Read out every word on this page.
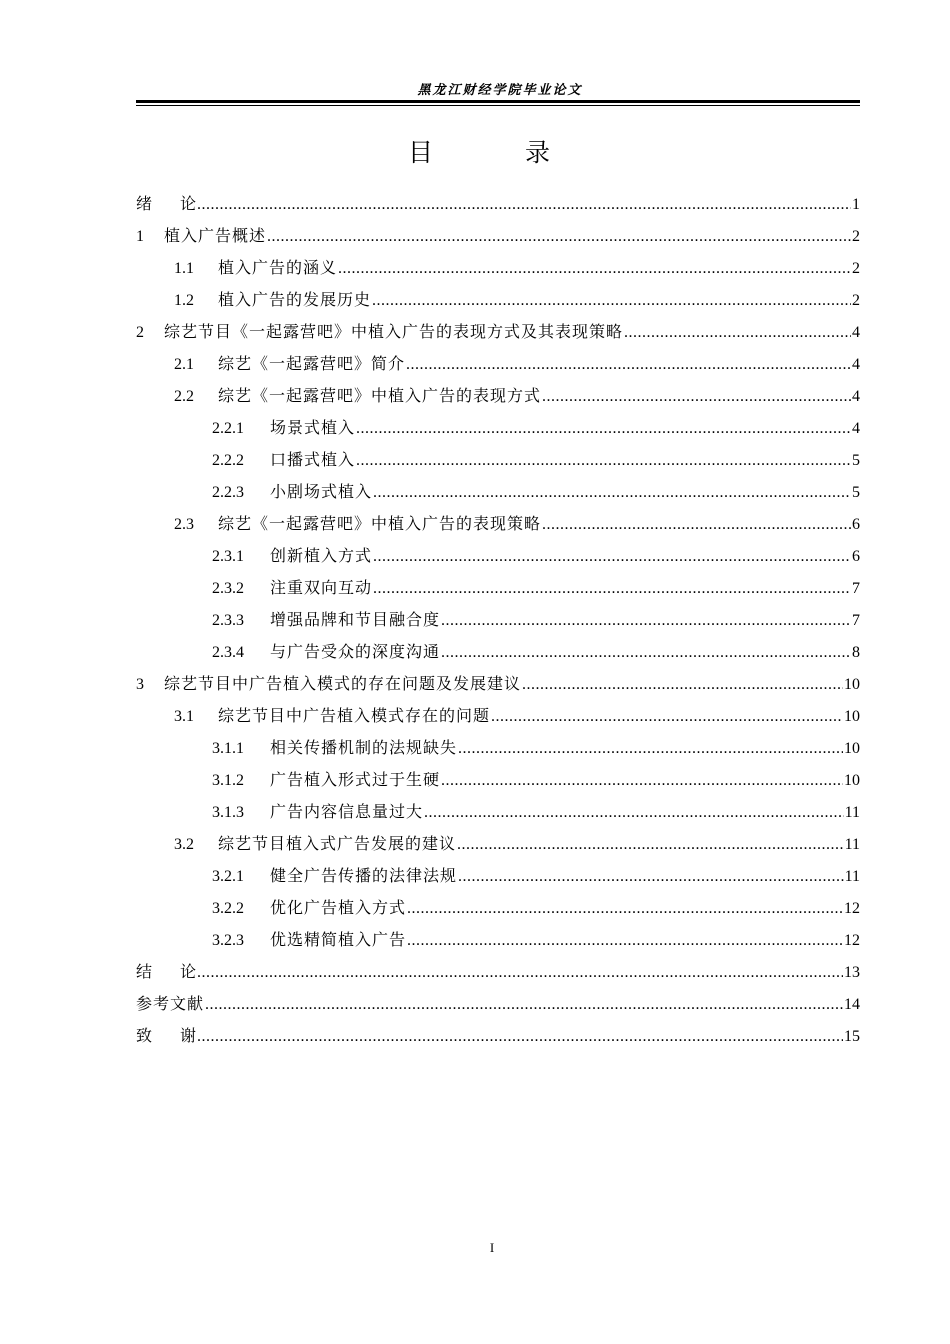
黑龙江财经学院毕业论文
目 录
绪论 .....	1
1	植入广告概述 .....	2
1.1	植入广告的涵义 .....	2
1.2	植入广告的发展历史 .....	2
2	综艺节目《一起露营吧》中植入广告的表现方式及其表现策略 .....	4
2.1	综艺《一起露营吧》简介 .....	4
2.2	综艺《一起露营吧》中植入广告的表现方式 .....	4
2.2.1	场景式植入 .....	4
2.2.2	口播式植入 .....	5
2.2.3	小剧场式植入 .....	5
2.3	综艺《一起露营吧》中植入广告的表现策略 .....	6
2.3.1	创新植入方式 .....	6
2.3.2	注重双向互动 .....	7
2.3.3	增强品牌和节目融合度 .....	7
2.3.4	与广告受众的深度沟通 .....	8
3	综艺节目中广告植入模式的存在问题及发展建议 .....	10
3.1	综艺节目中广告植入模式存在的问题 .....	10
3.1.1	相关传播机制的法规缺失 .....	10
3.1.2	广告植入形式过于生硬 .....	10
3.1.3	广告内容信息量过大 .....	11
3.2	综艺节目植入式广告发展的建议 .....	11
3.2.1	健全广告传播的法律法规 .....	11
3.2.2	优化广告植入方式 .....	12
3.2.3	优选精简植入广告 .....	12
结论 .....	13
参考文献 .....	14
致谢 .....	15
I
